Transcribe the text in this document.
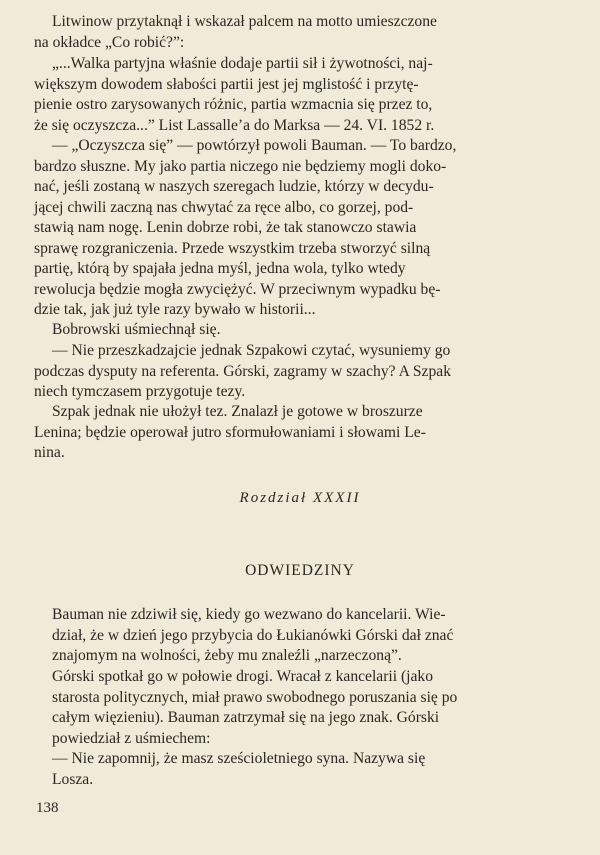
Litwinow przytaknął i wskazał palcem na motto umieszczone
na okładce „Co robić?”:
„...Walka partyjna właśnie dodaje partii sił i żywotności, naj-
większym dowodem słabości partii jest jej mglistość i przytę-
pienie ostro zarysowanych różnic, partia wzmacnia się przez to,
że się oczyszcza...” List Lassalle’a do Marksa — 24. VI. 1852 r.
— „Oczyszcza się” — powtórzył powoli Bauman. — To bardzo,
bardzo słuszne. My jako partia niczego nie będziemy mogli doko-
nać, jeśli zostaną w naszych szeregach ludzie, którzy w decydu-
jącej chwili zaczną nas chwytać za ręce albo, co gorzej, pod-
stawią nam nogę. Lenin dobrze robi, że tak stanowczo stawia
sprawę rozgraniczenia. Przede wszystkim trzeba stworzyć silną
partię, którą by spajała jedna myśl, jedna wola, tylko wtedy
rewolucja będzie mogła zwyciężyć. W przeciwnym wypadku bę-
dzie tak, jak już tyle razy bywało w historii...
Bobrowski uśmiechnął się.
— Nie przeszkadzajcie jednak Szpakowi czytać, wysuniemy go
podczas dysputy na referenta. Górski, zagramy w szachy? A Szpak
niech tymczasem przygotuje tezy.
Szpak jednak nie ułożył tez. Znalazł je gotowe w broszurze
Lenina; będzie operował jutro sformułowaniami i słowami Le-
nina.
Rozdział XXXII
ODWIEDZINY
Bauman nie zdziwił się, kiedy go wezwano do kancelarii. Wie-
dział, że w dzień jego przybycia do Łukianówki Górski dał znać
znajomym na wolności, żeby mu znaleźli „narzeczoną”.
Górski spotkał go w połowie drogi. Wracał z kancelarii (jako
starosta politycznych, miał prawo swobodnego poruszania się po
całym więzieniu). Bauman zatrzymał się na jego znak. Górski
powiedział z uśmiechem:
— Nie zapomnij, że masz sześcioletniego syna. Nazywa się
Losza.
138
